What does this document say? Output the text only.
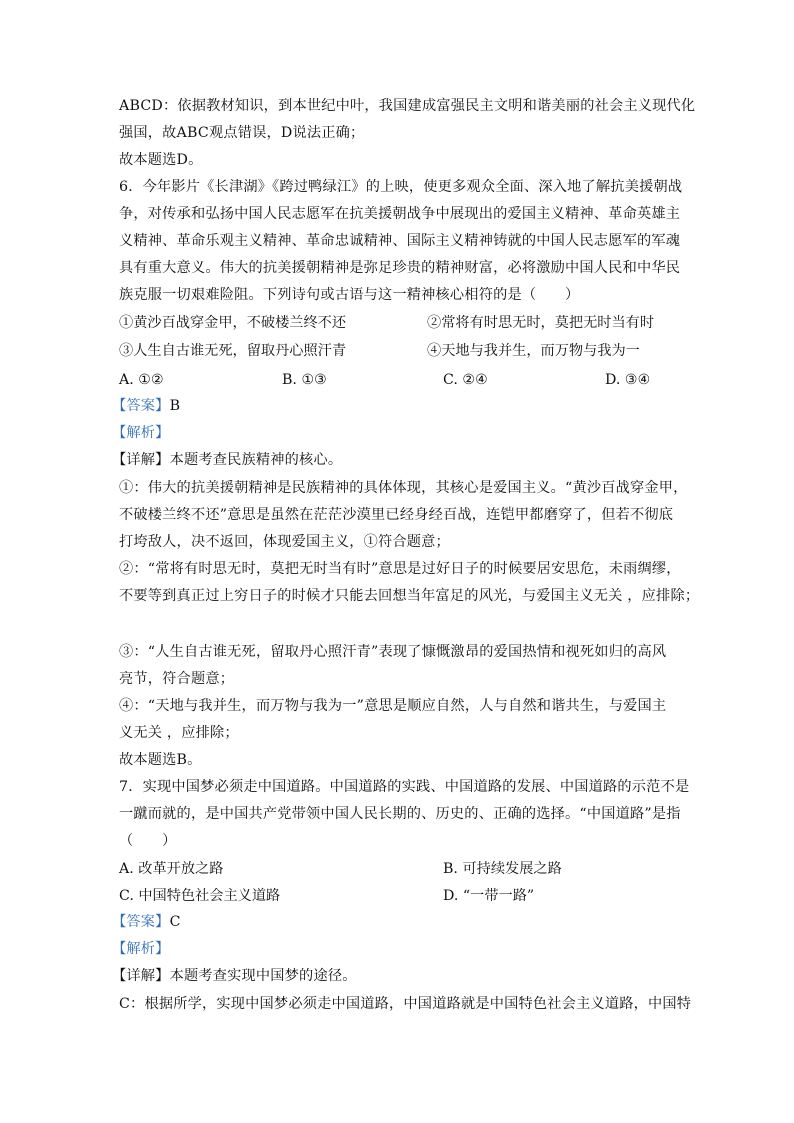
ABCD：依据教材知识，到本世纪中叶，我国建成富强民主文明和谐美丽的社会主义现代化
强国，故ABC观点错误，D说法正确；
故本题选D。
6．今年影片《长津湖》《跨过鸭绿江》的上映，使更多观众全面、深入地了解抗美援朝战
争，对传承和弘扬中国人民志愿军在抗美援朝战争中展现出的爱国主义精神、革命英雄主
义精神、革命乐观主义精神、革命忠诚精神、国际主义精神铸就的中国人民志愿军的军魂
具有重大意义。伟大的抗美援朝精神是弥足珍贵的精神财富，必将激励中国人民和中华民
族克服一切艰难险阻。下列诗句或古语与这一精神核心相符的是（　　）
①黄沙百战穿金甲，不破楼兰终不还	②常将有时思无时，莫把无时当有时
③人生自古谁无死，留取丹心照汗青	④天地与我并生，而万物与我为一
A. ①②	B. ①③	C. ②④	D. ③④
【答案】B
【解析】
【详解】本题考查民族精神的核心。
①：伟大的抗美援朝精神是民族精神的具体体现，其核心是爱国主义。“黄沙百战穿金甲，
不破楼兰终不还”意思是虽然在茫茫沙漠里已经身经百战，连铠甲都磨穿了，但若不彻底
打垮敌人，决不返回，体现爱国主义，①符合题意；
②：“常将有时思无时，莫把无时当有时”意思是过好日子的时候要居安思危，未雨绸缪，
不要等到真正过上穷日子的时候才只能去回想当年富足的风光，与爱国主义无关 ，应排除；
③：“人生自古谁无死，留取丹心照汗青”表现了慷慨激昂的爱国热情和视死如归的高风
亮节，符合题意；
④：“天地与我并生，而万物与我为一”意思是顺应自然，人与自然和谐共生，与爱国主
义无关 ，应排除；
故本题选B。
7．实现中国梦必须走中国道路。中国道路的实践、中国道路的发展、中国道路的示范不是
一蹴而就的，是中国共产党带领中国人民长期的、历史的、正确的选择。“中国道路”是指
（　　）
A. 改革开放之路	B. 可持续发展之路
C. 中国特色社会主义道路	D. “一带一路”
【答案】C
【解析】
【详解】本题考查实现中国梦的途径。
C：根据所学，实现中国梦必须走中国道路，中国道路就是中国特色社会主义道路，中国特
